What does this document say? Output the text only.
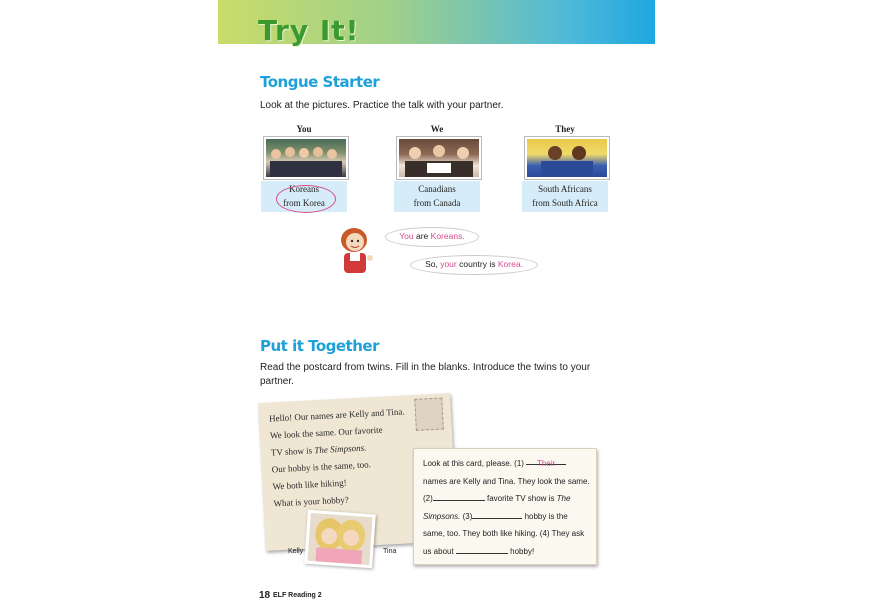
Try It!
Tongue Starter
Look at the pictures. Practice the talk with your partner.
You
Koreans
from Korea
We
Canadians
from Canada
They
South Africans
from South Africa
You are Koreans.
So, your country is Korea.
Put it Together
Read the postcard from twins. Fill in the blanks. Introduce the twins to your
partner.
Hello! Our names are Kelly and Tina.
We look the same. Our favorite
TV show is The Simpsons.
Our hobby is the same, too.
We both like hiking!
What is your hobby?
Kelly	Tina
Look at this card, please. (1) Their
names are Kelly and Tina. They look the same.
(2)	favorite TV show is The
Simpsons. (3)	hobby is the
same, too. They both like hiking. (4) They ask
us about	hobby!
18 ELF Reading 2
